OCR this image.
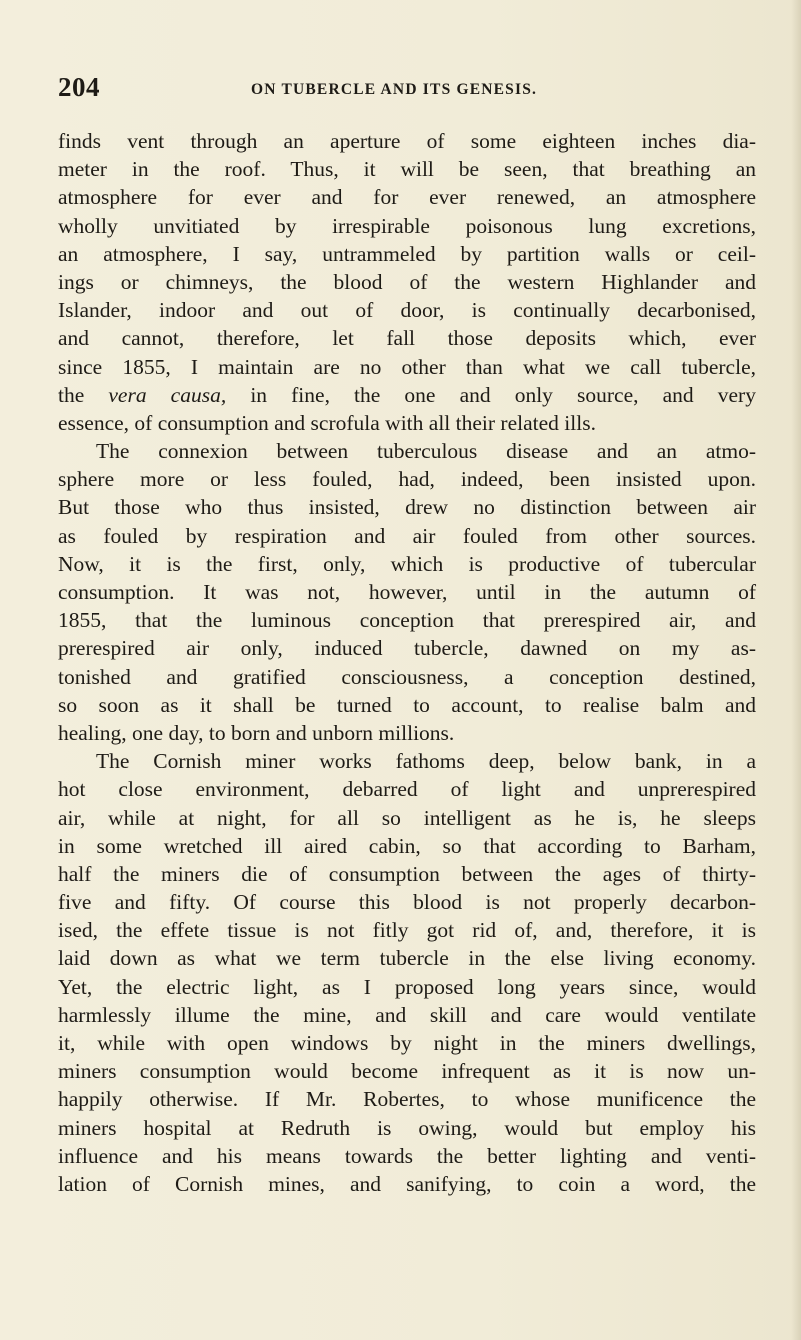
204	ON TUBERCLE AND ITS GENESIS.
finds vent through an aperture of some eighteen inches dia-
meter in the roof. Thus, it will be seen, that breathing an
atmosphere for ever and for ever renewed, an atmosphere
wholly unvitiated by irrespirable poisonous lung excretions,
an atmosphere, I say, untrammeled by partition walls or ceil-
ings or chimneys, the blood of the western Highlander and
Islander, indoor and out of door, is continually decarbonised,
and cannot, therefore, let fall those deposits which, ever
since 1855, I maintain are no other than what we call tubercle,
the vera causa, in fine, the one and only source, and very
essence, of consumption and scrofula with all their related ills.
The connexion between tuberculous disease and an atmo-
sphere more or less fouled, had, indeed, been insisted upon.
But those who thus insisted, drew no distinction between air
as fouled by respiration and air fouled from other sources.
Now, it is the first, only, which is productive of tubercular
consumption. It was not, however, until in the autumn of
1855, that the luminous conception that prerespired air, and
prerespired air only, induced tubercle, dawned on my as-
tonished and gratified consciousness, a conception destined,
so soon as it shall be turned to account, to realise balm and
healing, one day, to born and unborn millions.
The Cornish miner works fathoms deep, below bank, in a
hot close environment, debarred of light and unprerespired
air, while at night, for all so intelligent as he is, he sleeps
in some wretched ill aired cabin, so that according to Barham,
half the miners die of consumption between the ages of thirty-
five and fifty. Of course this blood is not properly decarbon-
ised, the effete tissue is not fitly got rid of, and, therefore, it is
laid down as what we term tubercle in the else living economy.
Yet, the electric light, as I proposed long years since, would
harmlessly illume the mine, and skill and care would ventilate
it, while with open windows by night in the miners dwellings,
miners consumption would become infrequent as it is now un-
happily otherwise. If Mr. Robertes, to whose munificence the
miners hospital at Redruth is owing, would but employ his
influence and his means towards the better lighting and venti-
lation of Cornish mines, and sanifying, to coin a word, the
